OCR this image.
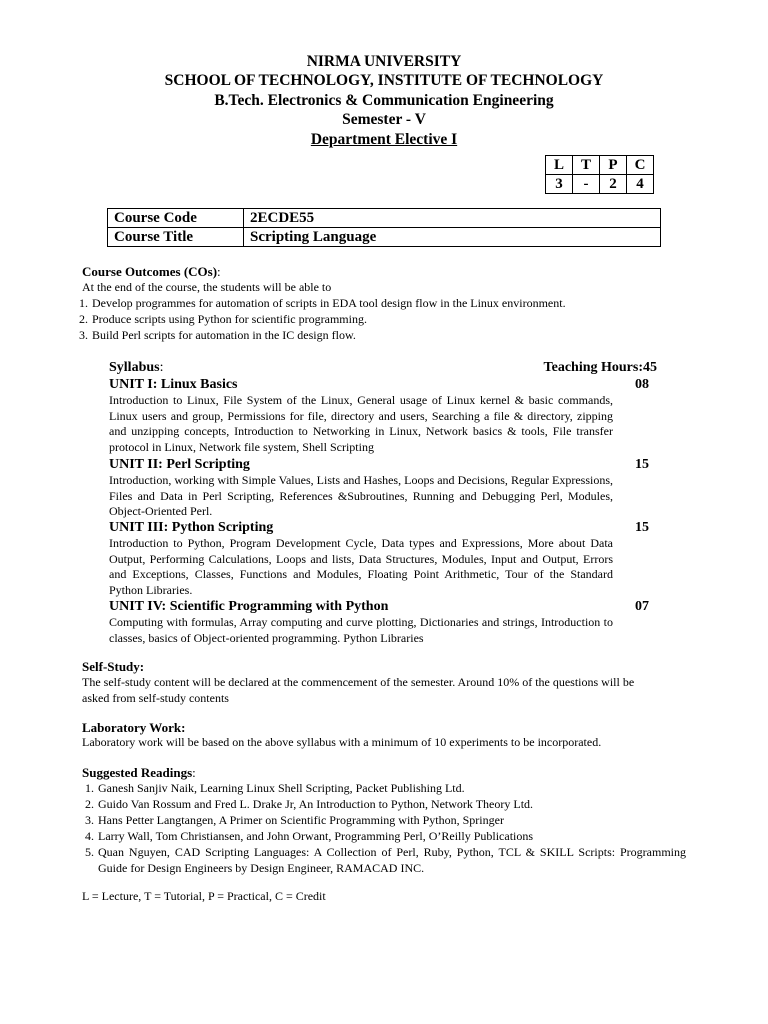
NIRMA UNIVERSITY
SCHOOL OF TECHNOLOGY, INSTITUTE OF TECHNOLOGY
B.Tech. Electronics & Communication Engineering
Semester - V
Department Elective I
L	T	P	C
3	-	2	4
Course Code	2ECDE55
Course Title	Scripting Language
Course Outcomes (COs):
At the end of the course, the students will be able to
1. Develop programmes for automation of scripts in EDA tool design flow in the Linux environment.
2. Produce scripts using Python for scientific programming.
3. Build Perl scripts for automation in the IC design flow.
Syllabus:	Teaching Hours:45
UNIT I: Linux Basics	08
Introduction to Linux, File System of the Linux, General usage of Linux kernel & basic commands, Linux users and group, Permissions for file, directory and users, Searching a file & directory, zipping and unzipping concepts, Introduction to Networking in Linux, Network basics & tools, File transfer protocol in Linux, Network file system, Shell Scripting
UNIT II: Perl Scripting	15
Introduction, working with Simple Values, Lists and Hashes, Loops and Decisions, Regular Expressions, Files and Data in Perl Scripting, References &Subroutines, Running and Debugging Perl, Modules, Object-Oriented Perl.
UNIT III: Python Scripting	15
Introduction to Python, Program Development Cycle, Data types and Expressions, More about Data Output, Performing Calculations, Loops and lists, Data Structures, Modules, Input and Output, Errors and Exceptions, Classes, Functions and Modules, Floating Point Arithmetic, Tour of the Standard Python Libraries.
UNIT IV: Scientific Programming with Python	07
Computing with formulas, Array computing and curve plotting, Dictionaries and strings, Introduction to classes, basics of Object-oriented programming. Python Libraries
Self-Study:
The self-study content will be declared at the commencement of the semester. Around 10% of the questions will be
asked from self-study contents
Laboratory Work:
Laboratory work will be based on the above syllabus with a minimum of 10 experiments to be incorporated.
Suggested Readings:
1. Ganesh Sanjiv Naik, Learning Linux Shell Scripting, Packet Publishing Ltd.
2. Guido Van Rossum and Fred L. Drake Jr, An Introduction to Python, Network Theory Ltd.
3. Hans Petter Langtangen, A Primer on Scientific Programming with Python, Springer
4. Larry Wall, Tom Christiansen, and John Orwant, Programming Perl, O’Reilly Publications
5. Quan Nguyen, CAD Scripting Languages: A Collection of Perl, Ruby, Python, TCL & SKILL Scripts: Programming Guide for Design Engineers by Design Engineer, RAMACAD INC.
L = Lecture, T = Tutorial, P = Practical, C = Credit
